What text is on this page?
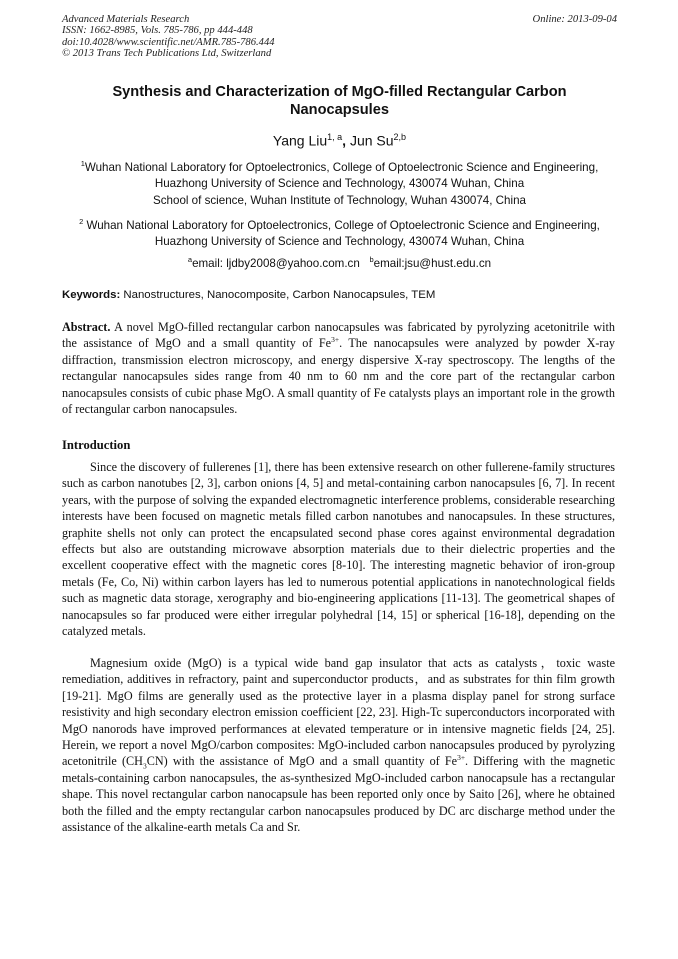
Advanced Materials Research
ISSN: 1662-8985, Vols. 785-786, pp 444-448
doi:10.4028/www.scientific.net/AMR.785-786.444
© 2013 Trans Tech Publications Ltd, Switzerland
Online: 2013-09-04
Synthesis and Characterization of MgO-filled Rectangular Carbon Nanocapsules
Yang Liu$^{1, a}$, Jun Su$^{2,b}$
$^1$Wuhan National Laboratory for Optoelectronics, College of Optoelectronic Science and Engineering, Huazhong University of Science and Technology, 430074 Wuhan, China
School of science, Wuhan Institute of Technology, Wuhan 430074, China
$^2$ Wuhan National Laboratory for Optoelectronics, College of Optoelectronic Science and Engineering, Huazhong University of Science and Technology, 430074 Wuhan, China
$^a$email: ljdby2008@yahoo.com.cn $^b$email:jsu@hust.edu.cn
Keywords: Nanostructures, Nanocomposite, Carbon Nanocapsules, TEM

Abstract. A novel MgO-filled rectangular carbon nanocapsules was fabricated by pyrolyzing acetonitrile with the assistance of MgO and a small quantity of $Fe^{3+}$. The nanocapsules were analyzed by powder X-ray diffraction, transmission electron microscopy, and energy dispersive X-ray spectroscopy. The lengths of the rectangular nanocapsules sides range from 40 nm to 60 nm and the core part of the rectangular carbon nanocapsules consists of cubic phase MgO. A small quantity of Fe catalysts plays an important role in the growth of rectangular carbon nanocapsules.

Introduction

Since the discovery of fullerenes [1], there has been extensive research on other fullerene-family structures such as carbon nanotubes [2, 3], carbon onions [4, 5] and metal-containing carbon nanocapsules [6, 7]. In recent years, with the purpose of solving the expanded electromagnetic interference problems, considerable researching interests have been focused on magnetic metals filled carbon nanotubes and nanocapsules. In these structures, graphite shells not only can protect the encapsulated second phase cores against environmental degradation effects but also are outstanding microwave absorption materials due to their dielectric properties and the excellent cooperative effect with the magnetic cores [8-10]. The interesting magnetic behavior of iron-group metals (Fe, Co, Ni) within carbon layers has led to numerous potential applications in nanotechnological fields such as magnetic data storage, xerography and bio-engineering applications [11-13]. The geometrical shapes of nanocapsules so far produced were either irregular polyhedral [14, 15] or spherical [16-18], depending on the catalyzed metals.

Magnesium oxide (MgO) is a typical wide band gap insulator that acts as catalysts，toxic waste remediation, additives in refractory, paint and superconductor products，and as substrates for thin film growth [19-21]. MgO films are generally used as the protective layer in a plasma display panel for strong surface resistivity and high secondary electron emission coefficient [22, 23]. High-Tc superconductors incorporated with MgO nanorods have improved performances at elevated temperature or in intensive magnetic fields [24, 25]. Herein, we report a novel MgO/carbon composites: MgO-included carbon nanocapsules produced by pyrolyzing acetonitrile $(CH_3CN)$ with the assistance of MgO and a small quantity of $Fe^{3+}$. Differing with the magnetic metals-containing carbon nanocapsules, the as-synthesized MgO-included carbon nanocapsule has a rectangular shape. This novel rectangular carbon nanocapsule has been reported only once by Saito [26], where he obtained both the filled and the empty rectangular carbon nanocapsules produced by DC arc discharge method under the assistance of the alkaline-earth metals Ca and Sr.
